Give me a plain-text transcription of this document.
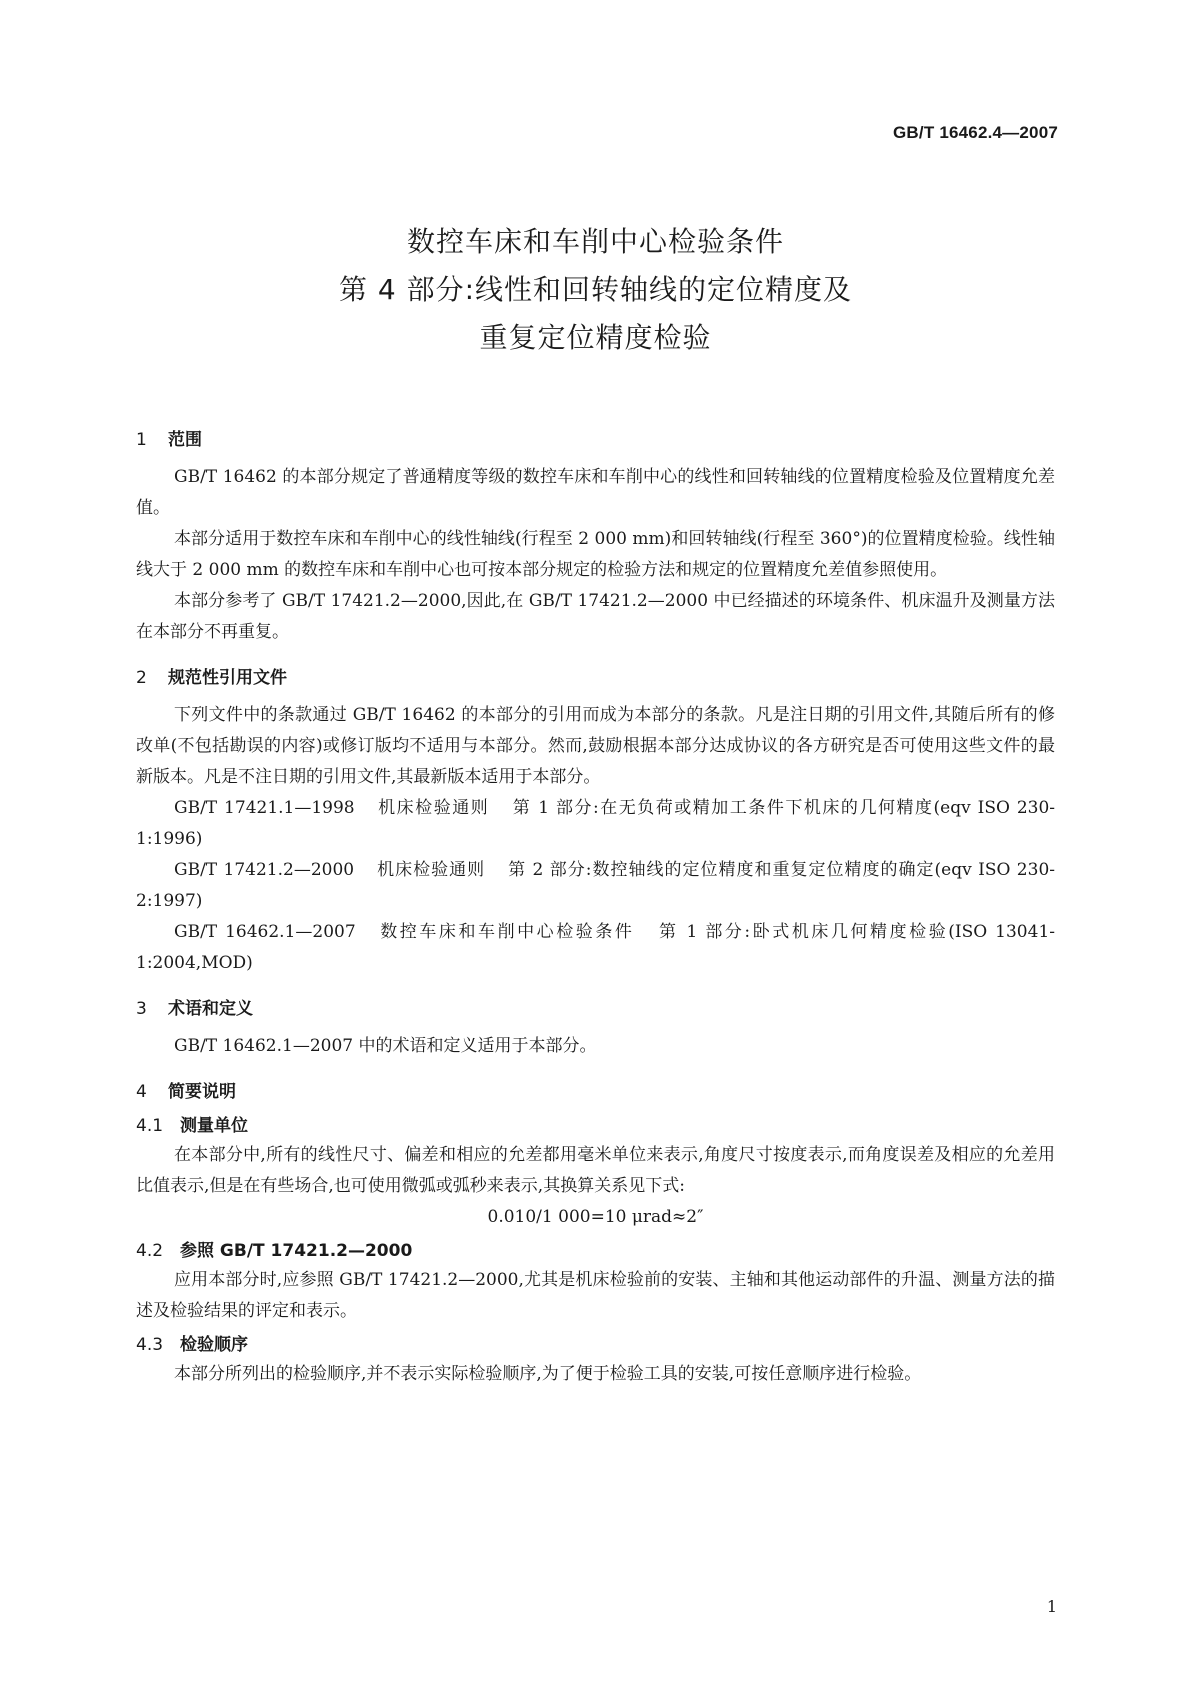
GB/T 16462.4—2007
数控车床和车削中心检验条件
第 4 部分:线性和回转轴线的定位精度及
重复定位精度检验
1 范围

GB/T 16462 的本部分规定了普通精度等级的数控车床和车削中心的线性和回转轴线的位置精度检验及位置精度允差值。

本部分适用于数控车床和车削中心的线性轴线(行程至 2 000 mm)和回转轴线(行程至 360°)的位置精度检验。线性轴线大于 2 000 mm 的数控车床和车削中心也可按本部分规定的检验方法和规定的位置精度允差值参照使用。

本部分参考了 GB/T 17421.2—2000,因此,在 GB/T 17421.2—2000 中已经描述的环境条件、机床温升及测量方法在本部分不再重复。

2 规范性引用文件

下列文件中的条款通过 GB/T 16462 的本部分的引用而成为本部分的条款。凡是注日期的引用文件,其随后所有的修改单(不包括勘误的内容)或修订版均不适用与本部分。然而,鼓励根据本部分达成协议的各方研究是否可使用这些文件的最新版本。凡是不注日期的引用文件,其最新版本适用于本部分。

GB/T 17421.1—1998 机床检验通则 第 1 部分:在无负荷或精加工条件下机床的几何精度(eqv ISO 230-1:1996)

GB/T 17421.2—2000 机床检验通则 第 2 部分:数控轴线的定位精度和重复定位精度的确定(eqv ISO 230-2:1997)

GB/T 16462.1—2007 数控车床和车削中心检验条件 第 1 部分:卧式机床几何精度检验(ISO 13041-1:2004,MOD)

3 术语和定义

GB/T 16462.1—2007 中的术语和定义适用于本部分。

4 简要说明
4.1 测量单位

在本部分中,所有的线性尺寸、偏差和相应的允差都用毫米单位来表示,角度尺寸按度表示,而角度误差及相应的允差用比值表示,但是在有些场合,也可使用微弧或弧秒来表示,其换算关系见下式:

0.010/1 000=10 μrad≈2″

4.2 参照 GB/T 17421.2—2000

应用本部分时,应参照 GB/T 17421.2—2000,尤其是机床检验前的安装、主轴和其他运动部件的升温、测量方法的描述及检验结果的评定和表示。

4.3 检验顺序

本部分所列出的检验顺序,并不表示实际检验顺序,为了便于检验工具的安装,可按任意顺序进行检验。

1
